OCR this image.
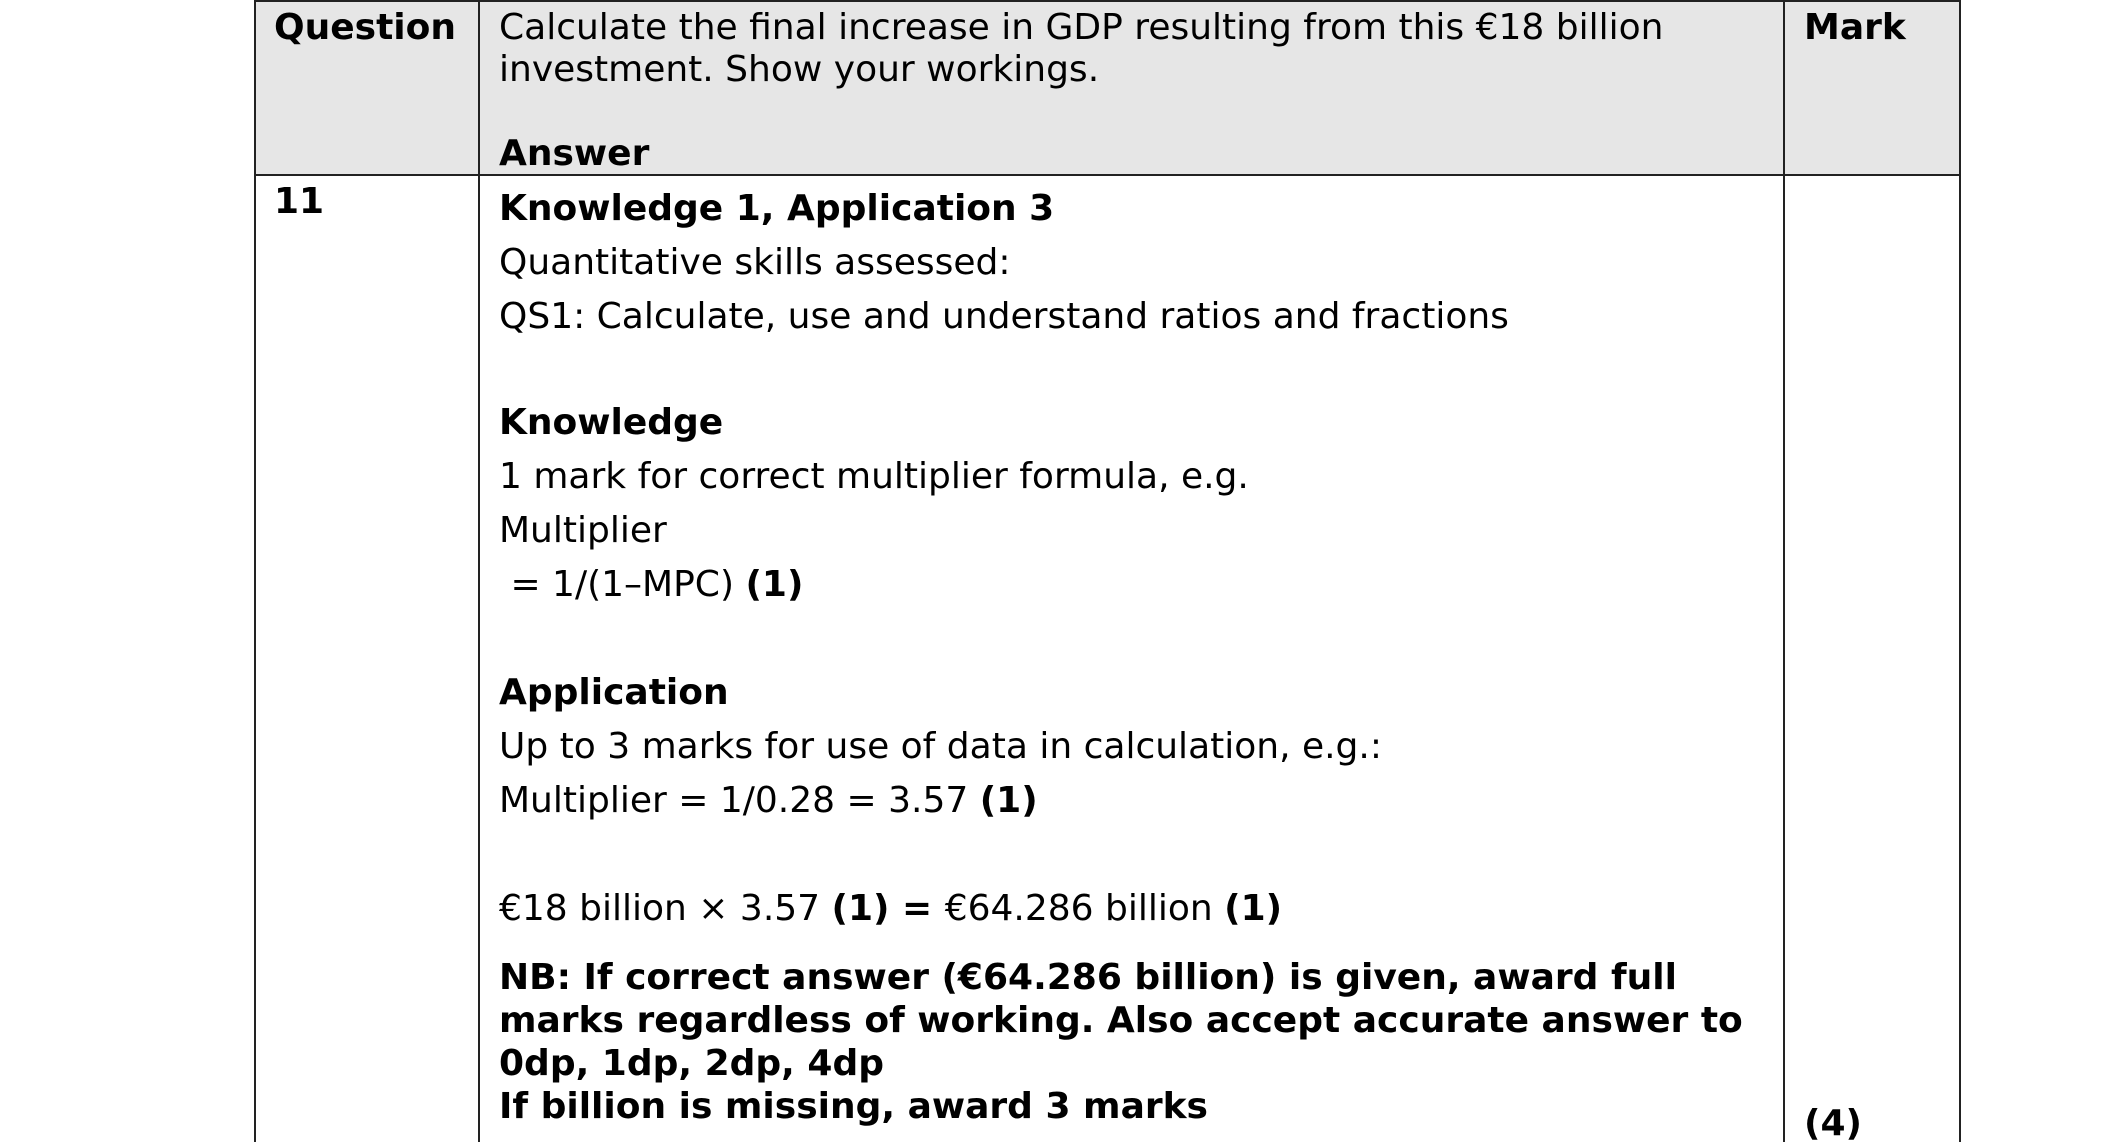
Question Calculate the final increase in GDP resulting from this €18 billion
investment. Show your workings.
Answer
Mark
11	Knowledge 1, Application 3
Quantitative skills assessed:
QS1: Calculate, use and understand ratios and fractions
Knowledge
1 mark for correct multiplier formula, e.g.
Multiplier
= 1/(1–MPC) (1)
Application
Up to 3 marks for use of data in calculation, e.g.:
Multiplier = 1/0.28 = 3.57 (1)
€18 billion × 3.57 (1) = €64.286 billion (1)
NB: If correct answer (€64.286 billion) is given, award full
marks regardless of working. Also accept accurate answer to
0dp, 1dp, 2dp, 4dp
If billion is missing, award 3 marks	(4)
